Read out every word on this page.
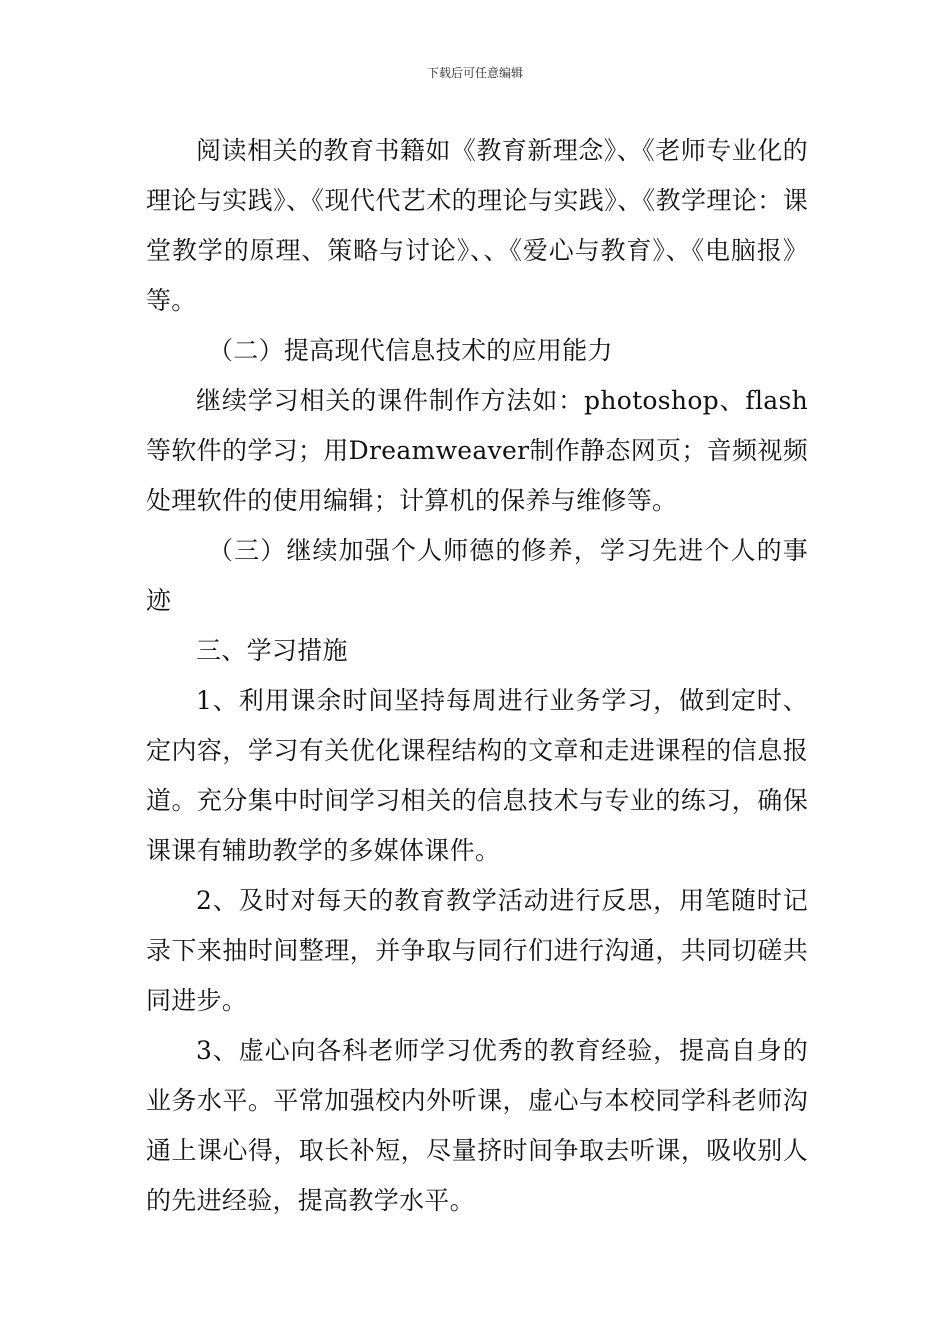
下载后可任意编辑

阅读相关的教育书籍如《教育新理念》、《老师专业化的理论与实践》、《现代代艺术的理论与实践》、《教学理论：课堂教学的原理、策略与讨论》、、《爱心与教育》、《电脑报》等。

（二）提高现代信息技术的应用能力

继续学习相关的课件制作方法如：photoshop、flash等软件的学习；用Dreamweaver制作静态网页；音频视频处理软件的使用编辑；计算机的保养与维修等。

（三）继续加强个人师德的修养，学习先进个人的事迹

三、学习措施

1、利用课余时间坚持每周进行业务学习，做到定时、定内容，学习有关优化课程结构的文章和走进课程的信息报道。充分集中时间学习相关的信息技术与专业的练习，确保课课有辅助教学的多媒体课件。

2、及时对每天的教育教学活动进行反思，用笔随时记录下来抽时间整理，并争取与同行们进行沟通，共同切磋共同进步。

3、虚心向各科老师学习优秀的教育经验，提高自身的业务水平。平常加强校内外听课，虚心与本校同学科老师沟通上课心得，取长补短，尽量挤时间争取去听课，吸收别人的先进经验，提高教学水平。
